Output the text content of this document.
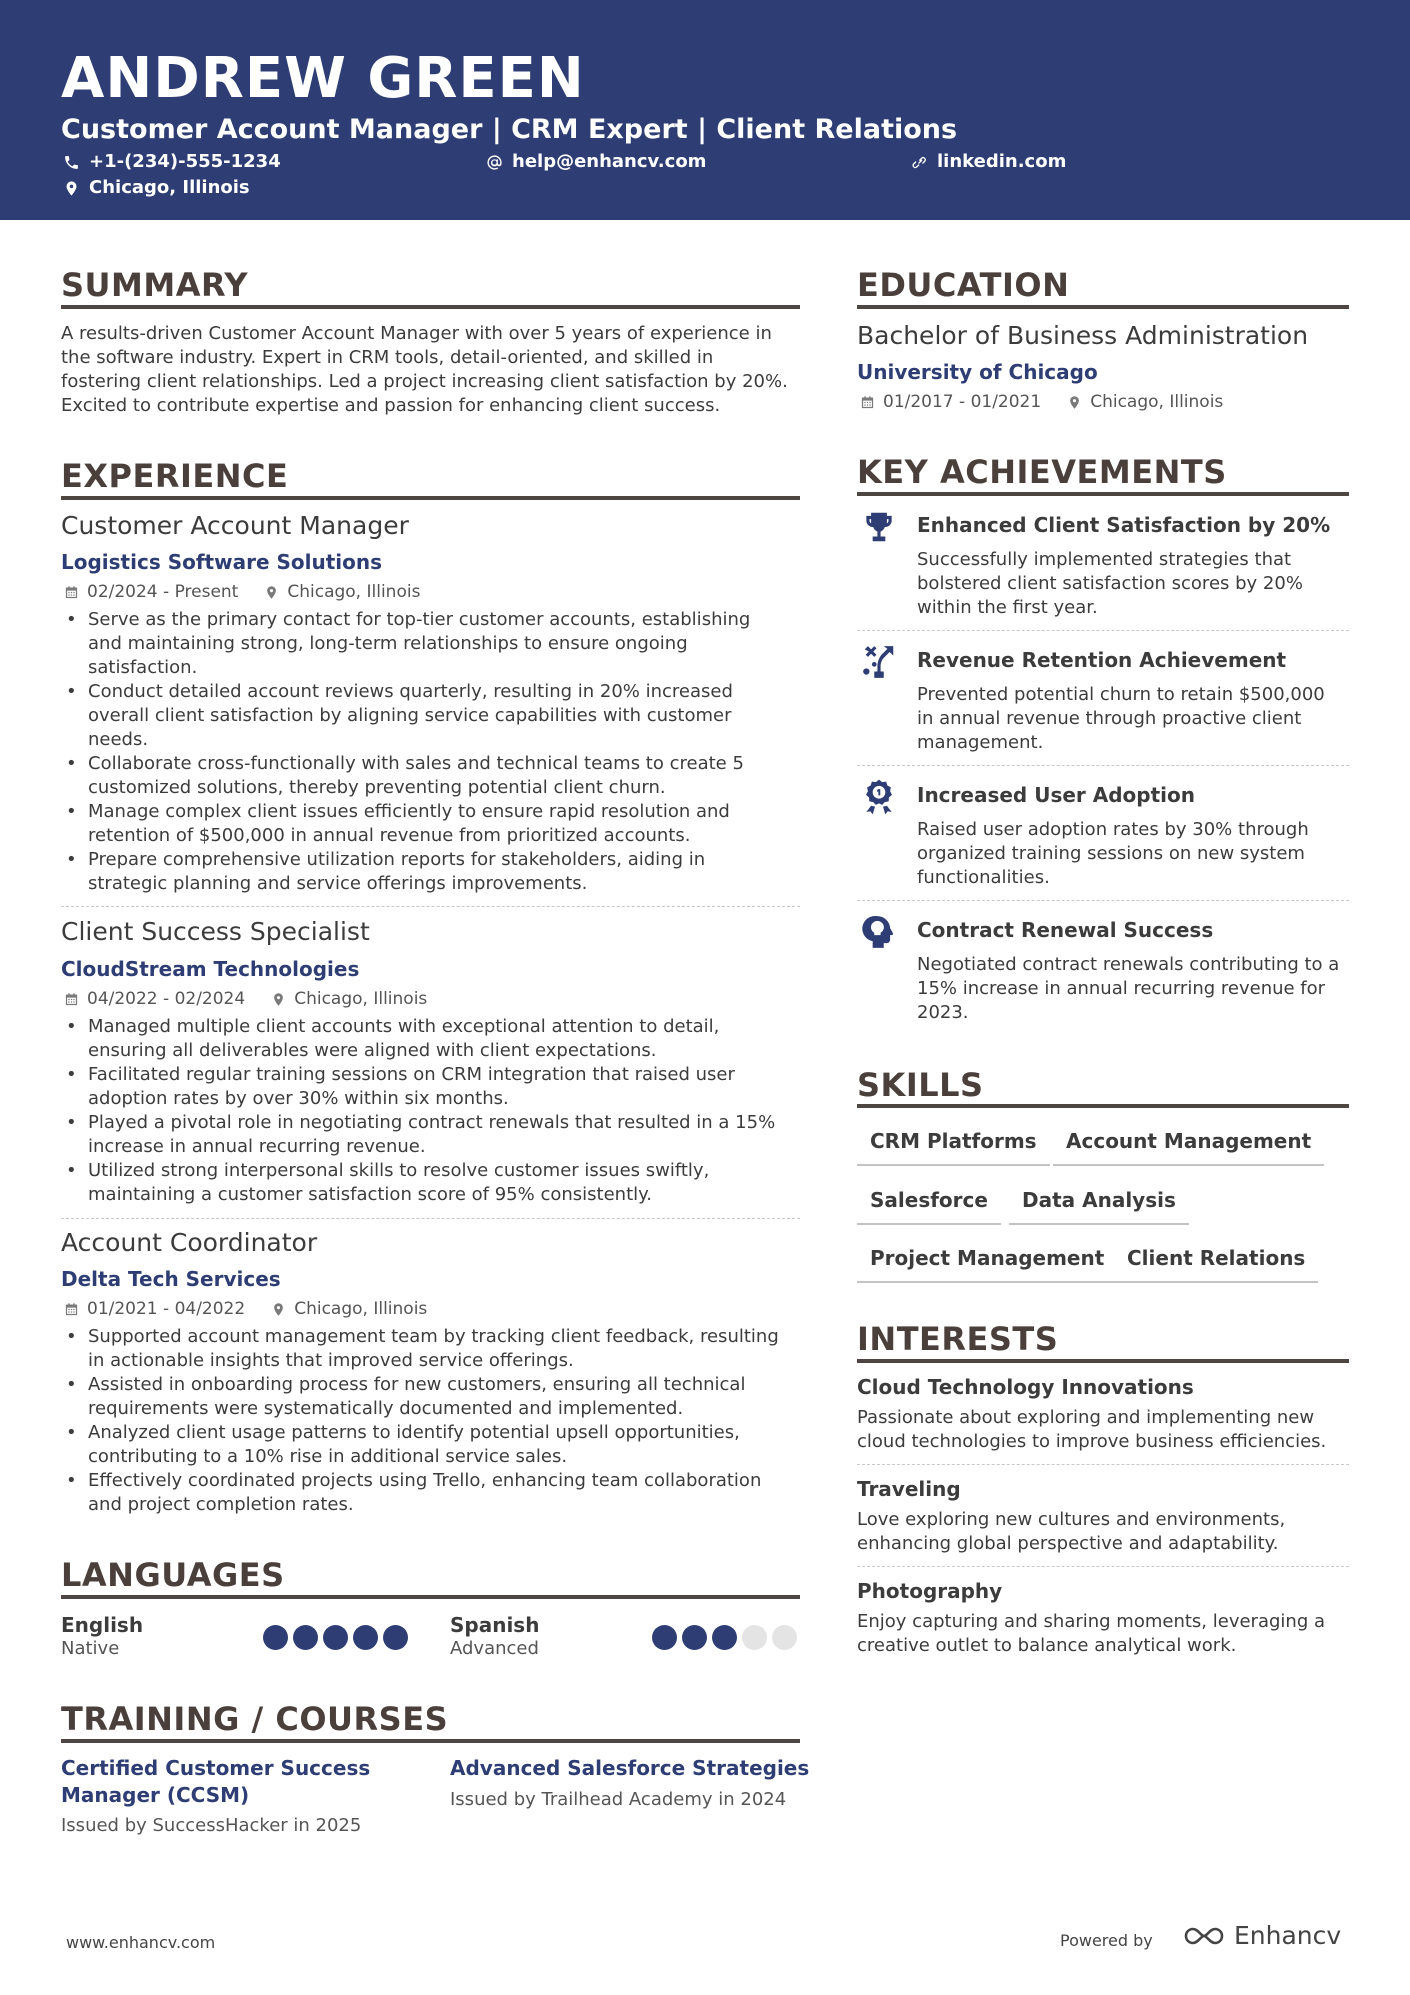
ANDREW GREEN
Customer Account Manager | CRM Expert | Client Relations
+1-(234)-555-1234	help@enhancv.com	linkedin.com
Chicago, Illinois
SUMMARY
A results-driven Customer Account Manager with over 5 years of experience in
the software industry. Expert in CRM tools, detail-oriented, and skilled in
fostering client relationships. Led a project increasing client satisfaction by 20%.
Excited to contribute expertise and passion for enhancing client success.
EXPERIENCE
Customer Account Manager
Logistics Software Solutions
02/2024 - Present	Chicago, Illinois
• Serve as the primary contact for top-tier customer accounts, establishing
and maintaining strong, long-term relationships to ensure ongoing
satisfaction.
• Conduct detailed account reviews quarterly, resulting in 20% increased
overall client satisfaction by aligning service capabilities with customer
needs.
• Collaborate cross-functionally with sales and technical teams to create 5
customized solutions, thereby preventing potential client churn.
• Manage complex client issues efficiently to ensure rapid resolution and
retention of $500,000 in annual revenue from prioritized accounts.
• Prepare comprehensive utilization reports for stakeholders, aiding in
strategic planning and service offerings improvements.
Client Success Specialist
CloudStream Technologies
04/2022 - 02/2024	Chicago, Illinois
• Managed multiple client accounts with exceptional attention to detail,
ensuring all deliverables were aligned with client expectations.
• Facilitated regular training sessions on CRM integration that raised user
adoption rates by over 30% within six months.
• Played a pivotal role in negotiating contract renewals that resulted in a 15%
increase in annual recurring revenue.
• Utilized strong interpersonal skills to resolve customer issues swiftly,
maintaining a customer satisfaction score of 95% consistently.
Account Coordinator
Delta Tech Services
01/2021 - 04/2022	Chicago, Illinois
• Supported account management team by tracking client feedback, resulting
in actionable insights that improved service offerings.
• Assisted in onboarding process for new customers, ensuring all technical
requirements were systematically documented and implemented.
• Analyzed client usage patterns to identify potential upsell opportunities,
contributing to a 10% rise in additional service sales.
• Effectively coordinated projects using Trello, enhancing team collaboration
and project completion rates.
LANGUAGES
English
Native
Spanish
Advanced
TRAINING / COURSES
Certified Customer Success
Manager (CCSM)
Issued by SuccessHacker in 2025
Advanced Salesforce Strategies
Issued by Trailhead Academy in 2024
EDUCATION
Bachelor of Business Administration
University of Chicago
01/2017 - 01/2021	Chicago, Illinois
KEY ACHIEVEMENTS
Enhanced Client Satisfaction by 20%
Successfully implemented strategies that
bolstered client satisfaction scores by 20%
within the first year.
Revenue Retention Achievement
Prevented potential churn to retain $500,000
in annual revenue through proactive client
management.
Increased User Adoption
Raised user adoption rates by 30% through
organized training sessions on new system
functionalities.
Contract Renewal Success
Negotiated contract renewals contributing to a
15% increase in annual recurring revenue for
2023.
SKILLS
CRM Platforms	Account Management
Salesforce	Data Analysis
Project Management	Client Relations
INTERESTS
Cloud Technology Innovations
Passionate about exploring and implementing new
cloud technologies to improve business efficiencies.
Traveling
Love exploring new cultures and environments,
enhancing global perspective and adaptability.
Photography
Enjoy capturing and sharing moments, leveraging a
creative outlet to balance analytical work.
www.enhancv.com	Powered by	Enhancv
